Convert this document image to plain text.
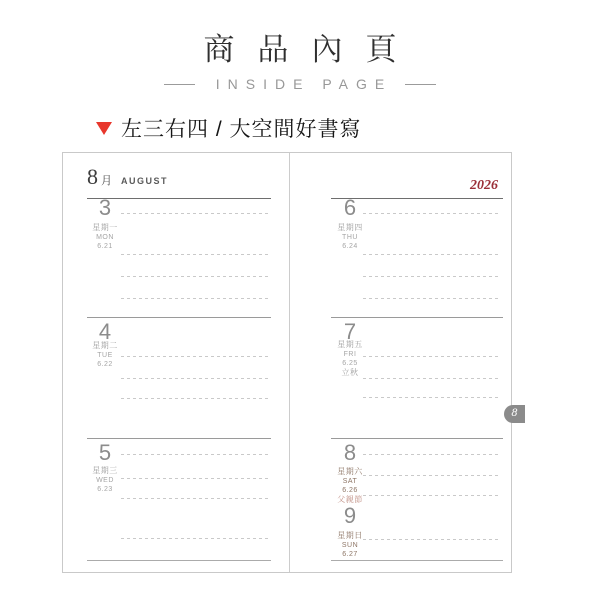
商品內頁
INSIDE PAGE
左三右四 / 大空間好書寫
8 月 AUGUST
3
星期一
MON
6.21
4
星期二
TUE
6.22
5
星期三
WED
6.23
2026
6
星期四
THU
6.24
7
星期五
FRI
6.25
立秋
8
星期六
SAT
6.26
父親節
9
星期日
SUN
6.27
8
